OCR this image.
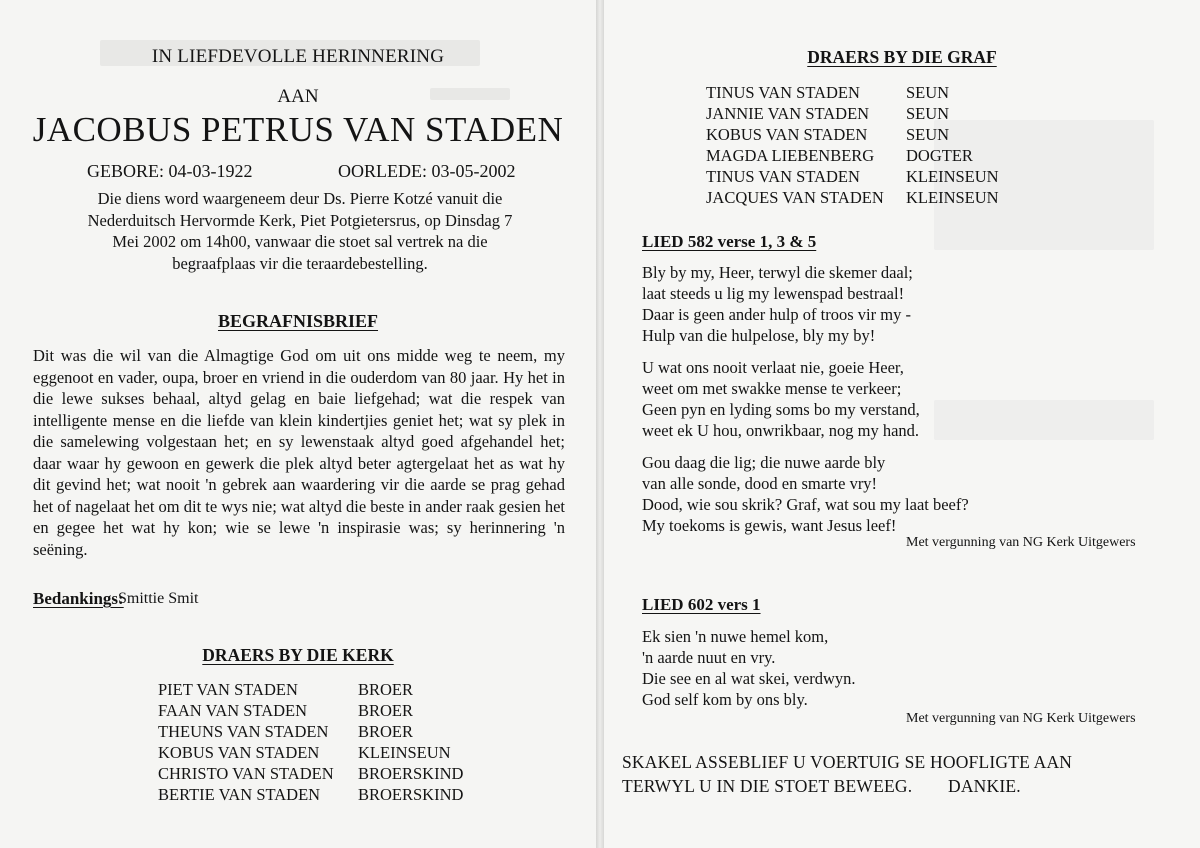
IN LIEFDEVOLLE HERINNERING
AAN
JACOBUS PETRUS VAN STADEN
GEBORE: 04-03-1922	OORLEDE: 03-05-2002
Die diens word waargeneem deur Ds. Pierre Kotzé vanuit die Nederduitsch Hervormde Kerk, Piet Potgietersrus, op Dinsdag 7 Mei 2002 om 14h00, vanwaar die stoet sal vertrek na die begraafplaas vir die teraardebestelling.
BEGRAFNISBRIEF
Dit was die wil van die Almagtige God om uit ons midde weg te neem, my eggenoot en vader, oupa, broer en vriend in die ouderdom van 80 jaar. Hy het in die lewe sukses behaal, altyd gelag en baie liefgehad; wat die respek van intelligente mense en die liefde van klein kindertjies geniet het; wat sy plek in die samelewing volgestaan het; en sy lewenstaak altyd goed afgehandel het; daar waar hy gewoon en gewerk die plek altyd beter agtergelaat het as wat hy dit gevind het; wat nooit 'n gebrek aan waardering vir die aarde se prag gehad het of nagelaat het om dit te wys nie; wat altyd die beste in ander raak gesien het en gegee het wat hy kon; wie se lewe 'n inspirasie was; sy herinnering 'n seëning.
Bedankings:
Smittie Smit
DRAERS BY DIE KERK
PIET VAN STADEN	BROER
FAAN VAN STADEN	BROER
THEUNS VAN STADEN BROER
KOBUS VAN STADEN KLEINSEUN
CHRISTO VAN STADEN BROERSKIND
BERTIE VAN STADEN BROERSKIND
DRAERS BY DIE GRAF
TINUS VAN STADEN	SEUN
JANNIE VAN STADEN SEUN
KOBUS VAN STADEN SEUN
MAGDA LIEBENBERG DOGTER
TINUS VAN STADEN	KLEINSEUN
JACQUES VAN STADEN KLEINSEUN
LIED 582 verse 1, 3 & 5
Bly by my, Heer, terwyl die skemer daal;
laat steeds u lig my lewenspad bestraal!
Daar is geen ander hulp of troos vir my -
Hulp van die hulpelose, bly my by!
U wat ons nooit verlaat nie, goeie Heer,
weet om met swakke mense te verkeer;
Geen pyn en lyding soms bo my verstand,
weet ek U hou, onwrikbaar, nog my hand.
Gou daag die lig; die nuwe aarde bly
van alle sonde, dood en smarte vry!
Dood, wie sou skrik? Graf, wat sou my laat beef?
My toekoms is gewis, want Jesus leef!
Met vergunning van NG Kerk Uitgewers
LIED 602 vers 1
Ek sien 'n nuwe hemel kom,
'n aarde nuut en vry.
Die see en al wat skei, verdwyn.
God self kom by ons bly.
Met vergunning van NG Kerk Uitgewers
SKAKEL ASSEBLIEF U VOERTUIG SE HOOFLIGTE AAN
TERWYL U IN DIE STOET BEWEEG. DANKIE.
